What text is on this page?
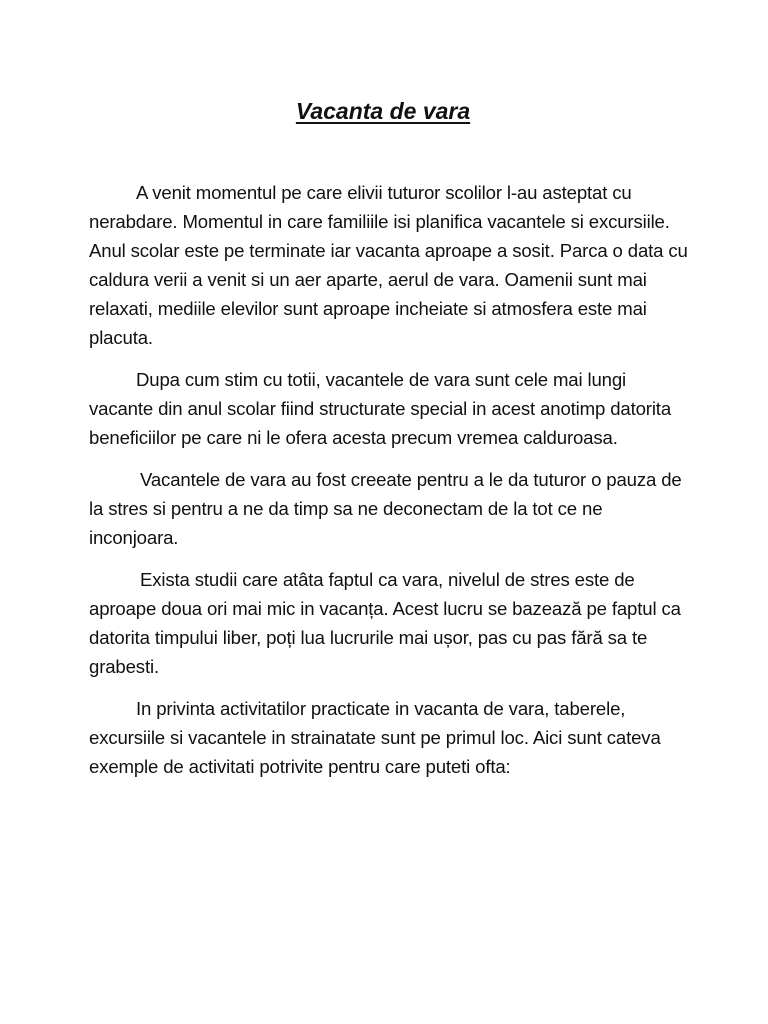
Vacanta de vara

A venit momentul pe care elivii tuturor scolilor l-au asteptat cu nerabdare. Momentul in care familiile isi planifica vacantele si excursiile. Anul scolar este pe terminate iar vacanta aproape a sosit. Parca o data cu caldura verii a venit si un aer aparte, aerul de vara. Oamenii sunt mai relaxati, mediile elevilor sunt aproape incheiate si atmosfera este mai placuta.

Dupa cum stim cu totii, vacantele de vara sunt cele mai lungi vacante din anul scolar fiind structurate special in acest anotimp datorita beneficiilor pe care ni le ofera acesta precum vremea calduroasa.

Vacantele de vara au fost creeate pentru a le da tuturor o pauza de la stres si pentru a ne da timp sa ne deconectam de la tot ce ne inconjoara.

Exista studii care atâta faptul ca vara, nivelul de stres este de aproape doua ori mai mic in vacanța. Acest lucru se bazează pe faptul ca datorita timpului liber, poți lua lucrurile mai ușor, pas cu pas fără sa te grabesti.

In privinta activitatilor practicate in vacanta de vara, taberele, excursiile si vacantele in strainatate sunt pe primul loc. Aici sunt cateva exemple de activitati potrivite pentru care puteti ofta:
